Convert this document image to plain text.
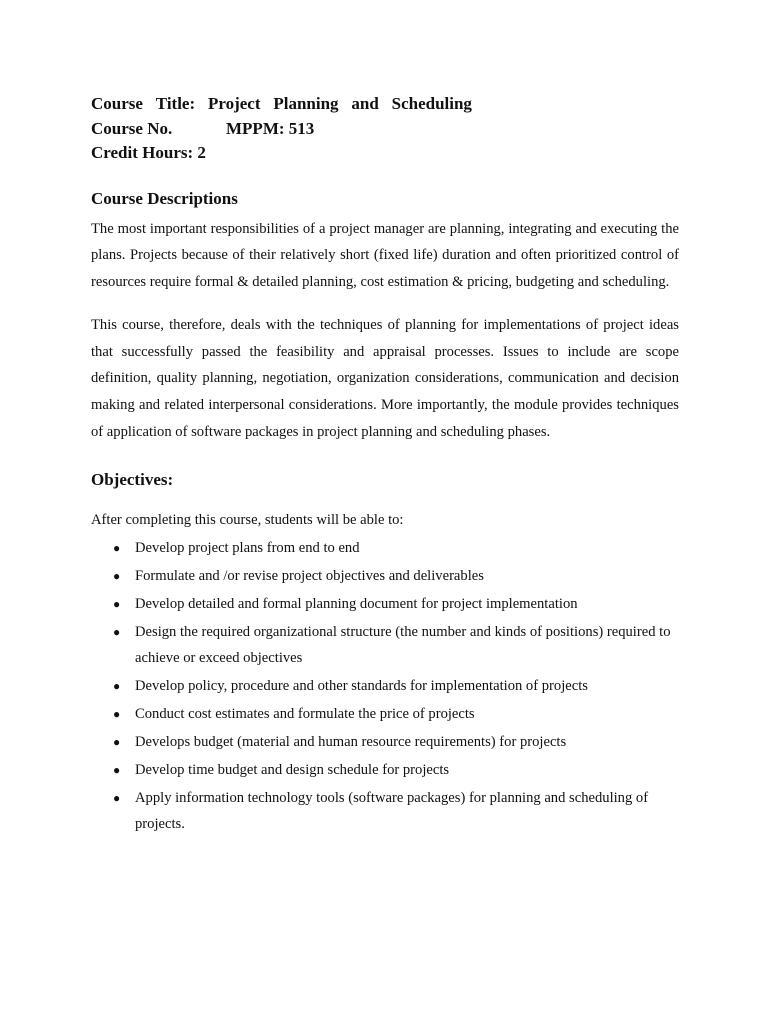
Course Title: Project Planning and Scheduling
Course No.	MPPM: 513
Credit Hours: 2
Course Descriptions

The most important responsibilities of a project manager are planning, integrating and executing the plans. Projects because of their relatively short (fixed life) duration and often prioritized control of resources require formal & detailed planning, cost estimation & pricing, budgeting and scheduling.

This course, therefore, deals with the techniques of planning for implementations of project ideas that successfully passed the feasibility and appraisal processes. Issues to include are scope definition, quality planning, negotiation, organization considerations, communication and decision making and related interpersonal considerations. More importantly, the module provides techniques of application of software packages in project planning and scheduling phases.

Objectives:
After completing this course, students will be able to:
● Develop project plans from end to end
● Formulate and /or revise project objectives and deliverables
● Develop detailed and formal planning document for project implementation
● Design the required organizational structure (the number and kinds of positions) required to achieve or exceed objectives
● Develop policy, procedure and other standards for implementation of projects
● Conduct cost estimates and formulate the price of projects
● Develops budget (material and human resource requirements) for projects
● Develop time budget and design schedule for projects
● Apply information technology tools (software packages) for planning and scheduling of projects.
